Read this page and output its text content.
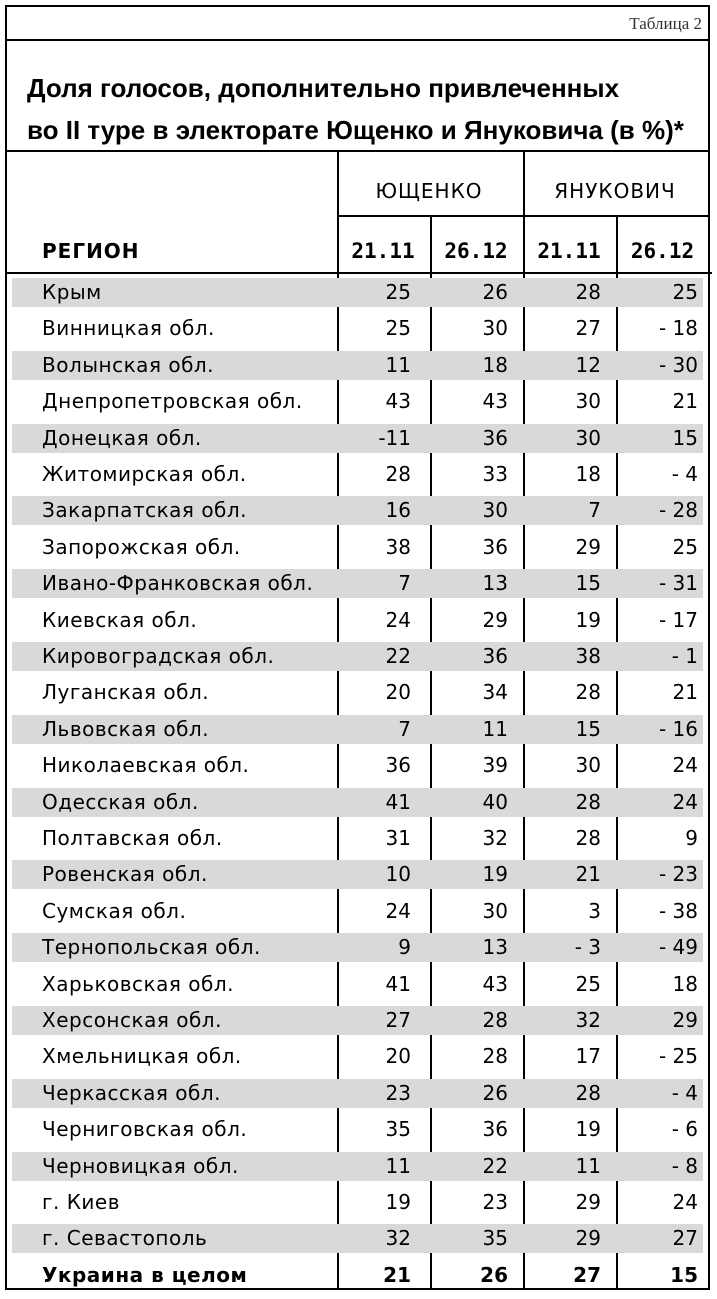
Таблица 2
Доля голосов, дополнительно привлеченных
во II туре в электорате Ющенко и Януковича (в %)*
ЮЩЕНКО	ЯНУКОВИЧ
РЕГИОН	21.11	26.12	21.11	26.12
Крым	25	26	28	25
Винницкая обл.	25	30	27	- 18
Волынская обл.	11	18	12	- 30
Днепропетровская обл.	43	43	30	21
Донецкая обл.	-11	36	30	15
Житомирская обл.	28	33	18	- 4
Закарпатская обл.	16	30	7	- 28
Запорожская обл.	38	36	29	25
Ивано-Франковская обл.	7	13	15	- 31
Киевская обл.	24	29	19	- 17
Кировоградская обл.	22	36	38	- 1
Луганская обл.	20	34	28	21
Львовская обл.	7	11	15	- 16
Николаевская обл.	36	39	30	24
Одесская обл.	41	40	28	24
Полтавская обл.	31	32	28	9
Ровенская обл.	10	19	21	- 23
Сумская обл.	24	30	3	- 38
Тернопольская обл.	9	13	- 3	- 49
Харьковская обл.	41	43	25	18
Херсонская обл.	27	28	32	29
Хмельницкая обл.	20	28	17	- 25
Черкасская обл.	23	26	28	- 4
Черниговская обл.	35	36	19	- 6
Черновицкая обл.	11	22	11	- 8
г. Киев	19	23	29	24
г. Севастополь	32	35	29	27
Украина в целом	21	26	27	15
